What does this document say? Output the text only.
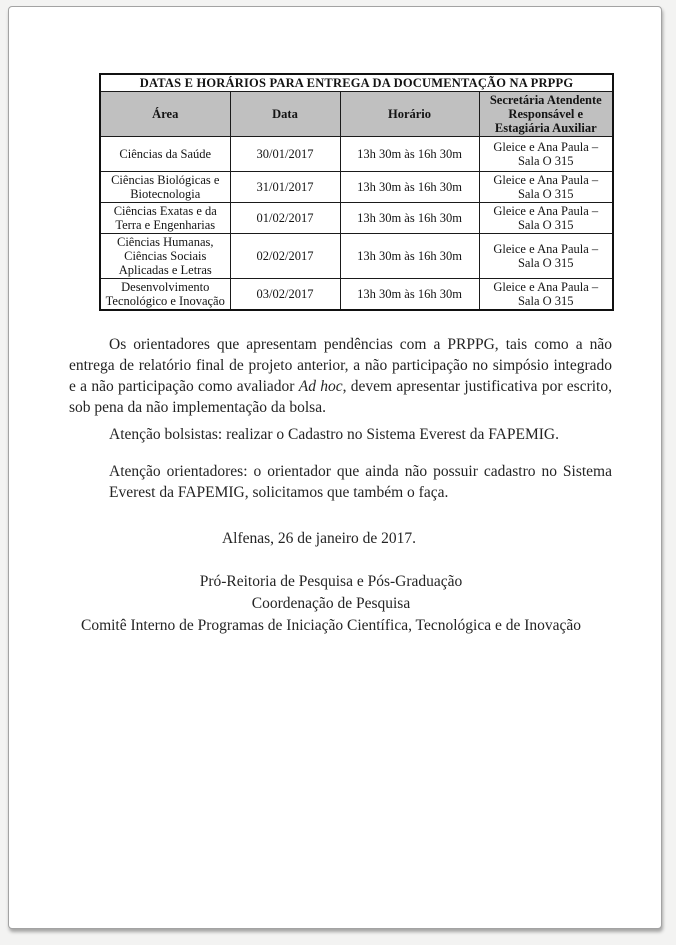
DATAS E HORÁRIOS PARA ENTREGA DA DOCUMENTAÇÃO NA PRPPG			
Área	Data	Horário	Secretária Atendente Responsável e Estagiária Auxiliar
Ciências da Saúde	30/01/2017	13h 30m às 16h 30m	Gleice e Ana Paula – Sala O 315
Ciências Biológicas e Biotecnologia	31/01/2017	13h 30m às 16h 30m	Gleice e Ana Paula – Sala O 315
Ciências Exatas e da Terra e Engenharias	01/02/2017	13h 30m às 16h 30m	Gleice e Ana Paula – Sala O 315
Ciências Humanas, Ciências Sociais Aplicadas e Letras	02/02/2017	13h 30m às 16h 30m	Gleice e Ana Paula – Sala O 315
Desenvolvimento Tecnológico e Inovação	03/02/2017	13h 30m às 16h 30m	Gleice e Ana Paula – Sala O 315

Os orientadores que apresentam pendências com a PRPPG, tais como a não entrega de relatório final de projeto anterior, a não participação no simpósio integrado e a não participação como avaliador Ad hoc, devem apresentar justificativa por escrito, sob pena da não implementação da bolsa.

Atenção bolsistas: realizar o Cadastro no Sistema Everest da FAPEMIG.

Atenção orientadores: o orientador que ainda não possuir cadastro no Sistema Everest da FAPEMIG, solicitamos que também o faça.

Alfenas, 26 de janeiro de 2017.

Pró-Reitoria de Pesquisa e Pós-Graduação
Coordenação de Pesquisa
Comitê Interno de Programas de Iniciação Científica, Tecnológica e de Inovação
